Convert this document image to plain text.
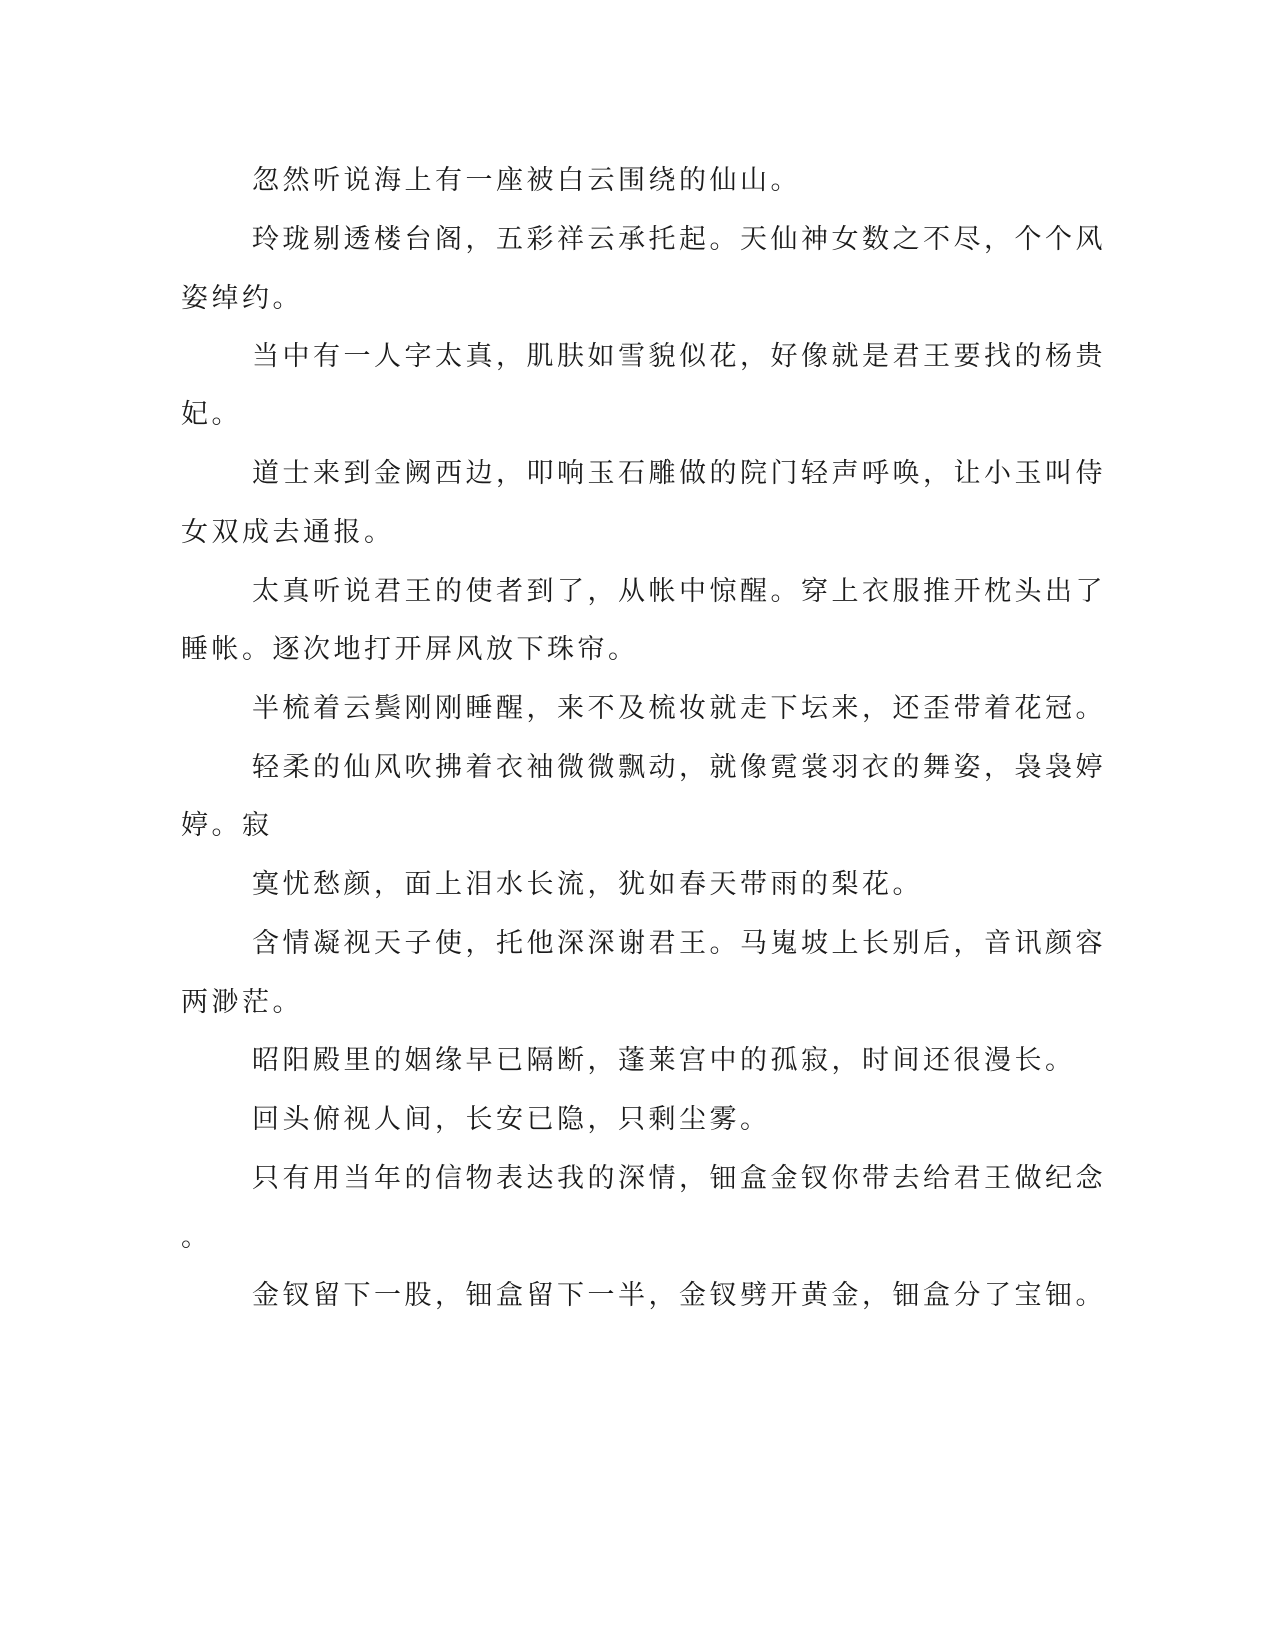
忽然听说海上有一座被白云围绕的仙山。
玲珑剔透楼台阁，五彩祥云承托起。天仙神女数之不尽，个个风
姿绰约。
当中有一人字太真，肌肤如雪貌似花，好像就是君王要找的杨贵
妃。
道士来到金阙西边，叩响玉石雕做的院门轻声呼唤，让小玉叫侍
女双成去通报。
太真听说君王的使者到了，从帐中惊醒。穿上衣服推开枕头出了
睡帐。逐次地打开屏风放下珠帘。
半梳着云鬓刚刚睡醒，来不及梳妆就走下坛来，还歪带着花冠。
轻柔的仙风吹拂着衣袖微微飘动，就像霓裳羽衣的舞姿，袅袅婷
婷。寂
寞忧愁颜，面上泪水长流，犹如春天带雨的梨花。
含情凝视天子使，托他深深谢君王。马嵬坡上长别后，音讯颜容
两渺茫。
昭阳殿里的姻缘早已隔断，蓬莱宫中的孤寂，时间还很漫长。
回头俯视人间，长安已隐，只剩尘雾。
只有用当年的信物表达我的深情，钿盒金钗你带去给君王做纪念
。
金钗留下一股，钿盒留下一半，金钗劈开黄金，钿盒分了宝钿。
